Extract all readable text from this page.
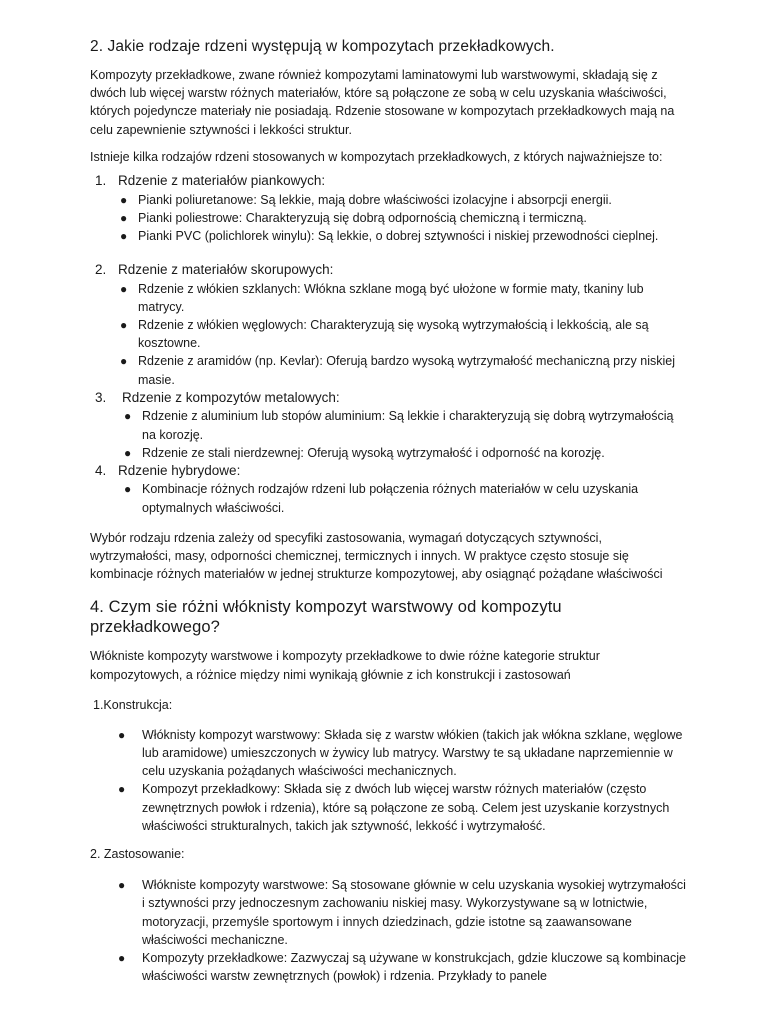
2. Jakie rodzaje rdzeni występują w kompozytach przekładkowych.

Kompozyty przekładkowe, zwane również kompozytami laminatowymi lub warstwowymi, składają się z dwóch lub więcej warstw różnych materiałów, które są połączone ze sobą w celu uzyskania właściwości, których pojedyncze materiały nie posiadają. Rdzenie stosowane w kompozytach przekładkowych mają na celu zapewnienie sztywności i lekkości struktur.

Istnieje kilka rodzajów rdzeni stosowanych w kompozytach przekładkowych, z których najważniejsze to:

1. Rdzenie z materiałów piankowych:
● Pianki poliuretanowe: Są lekkie, mają dobre właściwości izolacyjne i absorpcji energii.
● Pianki poliestrowe: Charakteryzują się dobrą odpornością chemiczną i termiczną.
● Pianki PVC (polichlorek winylu): Są lekkie, o dobrej sztywności i niskiej przewodności cieplnej.
2. Rdzenie z materiałów skorupowych:
● Rdzenie z włókien szklanych: Włókna szklane mogą być ułożone w formie maty, tkaniny lub matrycy.
● Rdzenie z włókien węglowych: Charakteryzują się wysoką wytrzymałością i lekkością, ale są kosztowne.
● Rdzenie z aramidów (np. Kevlar): Oferują bardzo wysoką wytrzymałość mechaniczną przy niskiej masie.
3. Rdzenie z kompozytów metalowych:
● Rdzenie z aluminium lub stopów aluminium: Są lekkie i charakteryzują się dobrą wytrzymałością na korozję.
● Rdzenie ze stali nierdzewnej: Oferują wysoką wytrzymałość i odporność na korozję.
4. Rdzenie hybrydowe:
● Kombinacje różnych rodzajów rdzeni lub połączenia różnych materiałów w celu uzyskania optymalnych właściwości.

Wybór rodzaju rdzenia zależy od specyfiki zastosowania, wymagań dotyczących sztywności, wytrzymałości, masy, odporności chemicznej, termicznych i innych. W praktyce często stosuje się kombinacje różnych materiałów w jednej strukturze kompozytowej, aby osiągnąć pożądane właściwości

4. Czym sie różni włóknisty kompozyt warstwowy od kompozytu przekładkowego?

Włókniste kompozyty warstwowe i kompozyty przekładkowe to dwie różne kategorie struktur kompozytowych, a różnice między nimi wynikają głównie z ich konstrukcji i zastosowań

1.Konstrukcja:
● Włóknisty kompozyt warstwowy: Składa się z warstw włókien (takich jak włókna szklane, węglowe lub aramidowe) umieszczonych w żywicy lub matrycy. Warstwy te są układane naprzemiennie w celu uzyskania pożądanych właściwości mechanicznych.
● Kompozyt przekładkowy: Składa się z dwóch lub więcej warstw różnych materiałów (często zewnętrznych powłok i rdzenia), które są połączone ze sobą. Celem jest uzyskanie korzystnych właściwości strukturalnych, takich jak sztywność, lekkość i wytrzymałość.
2. Zastosowanie:
● Włókniste kompozyty warstwowe: Są stosowane głównie w celu uzyskania wysokiej wytrzymałości i sztywności przy jednoczesnym zachowaniu niskiej masy. Wykorzystywane są w lotnictwie, motoryzacji, przemyśle sportowym i innych dziedzinach, gdzie istotne są zaawansowane właściwości mechaniczne.
● Kompozyty przekładkowe: Zazwyczaj są używane w konstrukcjach, gdzie kluczowe są kombinacje właściwości warstw zewnętrznych (powłok) i rdzenia. Przykłady to panele
